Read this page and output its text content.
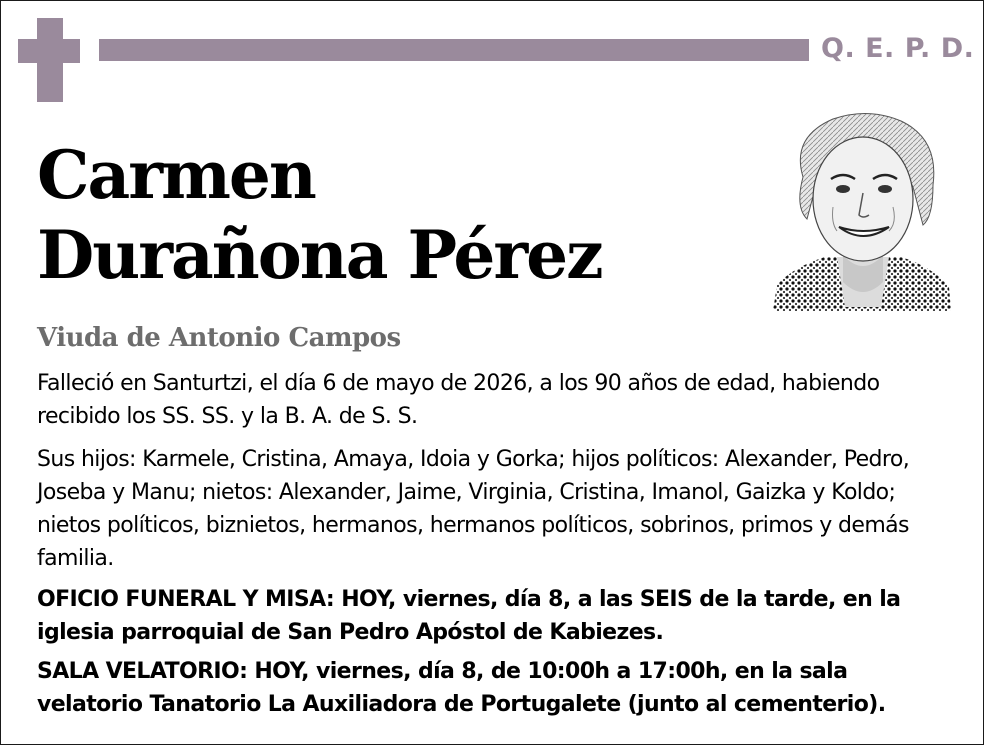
Q. E. P. D.
Carmen
Durañona Pérez
Viuda de Antonio Campos
Falleció en Santurtzi, el día 6 de mayo de 2026, a los 90 años de edad, habiendo recibido los SS. SS. y la B. A. de S. S.
Sus hijos: Karmele, Cristina, Amaya, Idoia y Gorka; hijos políticos: Alexander, Pedro, Joseba y Manu; nietos: Alexander, Jaime, Virginia, Cristina, Imanol, Gaizka y Koldo; nietos políticos, biznietos, hermanos, hermanos políticos, sobrinos, primos y demás familia.
OFICIO FUNERAL Y MISA: HOY, viernes, día 8, a las SEIS de la tarde, en la iglesia parroquial de San Pedro Apóstol de Kabiezes.
SALA VELATORIO: HOY, viernes, día 8, de 10:00h a 17:00h, en la sala velatorio Tanatorio La Auxiliadora de Portugalete (junto al cementerio).
